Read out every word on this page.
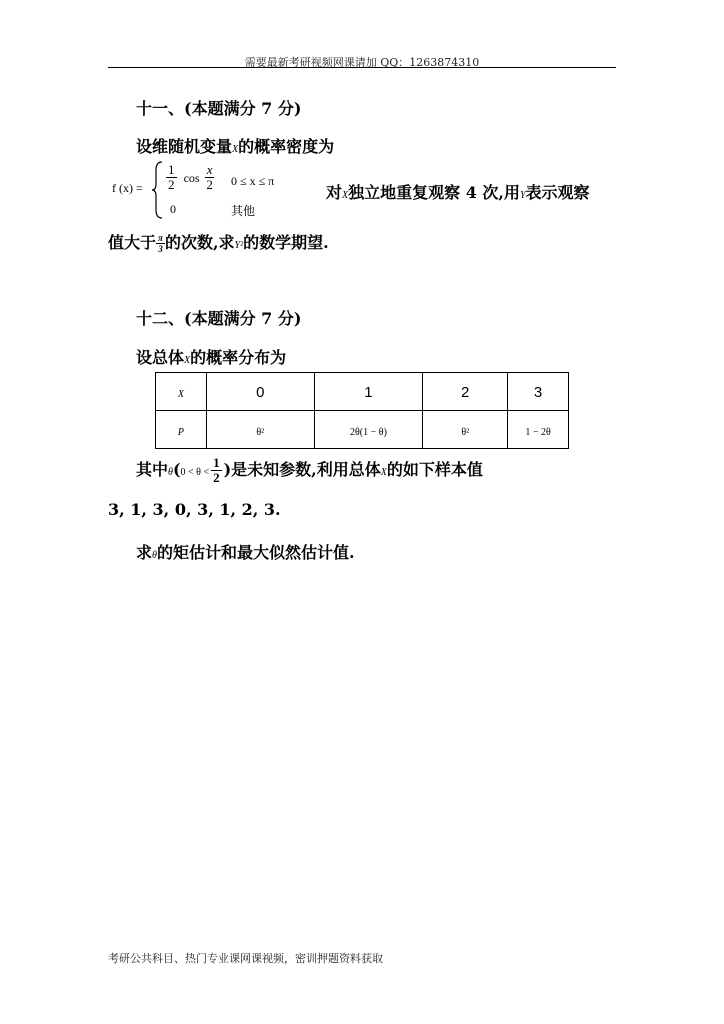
需要最新考研视频网课请加 QQ：1263874310
十一、(本题满分 7 分)
设维随机变量X的概率密度为
f $(x) = \frac{1}{2}$ $\cos \frac{x}{2} 0 \le x \le \pi$
0	其他
对X独立地重复观察 4 次,用Y表示观察
值大于 $\frac{\pi}{3}$ 的次数,求Y²的数学期望.
十二、(本题满分 7 分)
设总体X的概率分布为
X	0	1	2	3
P	θ²	2θ(1 − θ)	θ²	1 − 2θ
其中$\theta(0 < \theta < \frac{1}{2}$ )是未知参数,利用总体X的如下样本值
3, 1, 3, 0, 3, 1, 2, 3.
求θ的矩估计和最大似然估计值.
考研公共科目、热门专业课网课视频，密训押题资料获取
